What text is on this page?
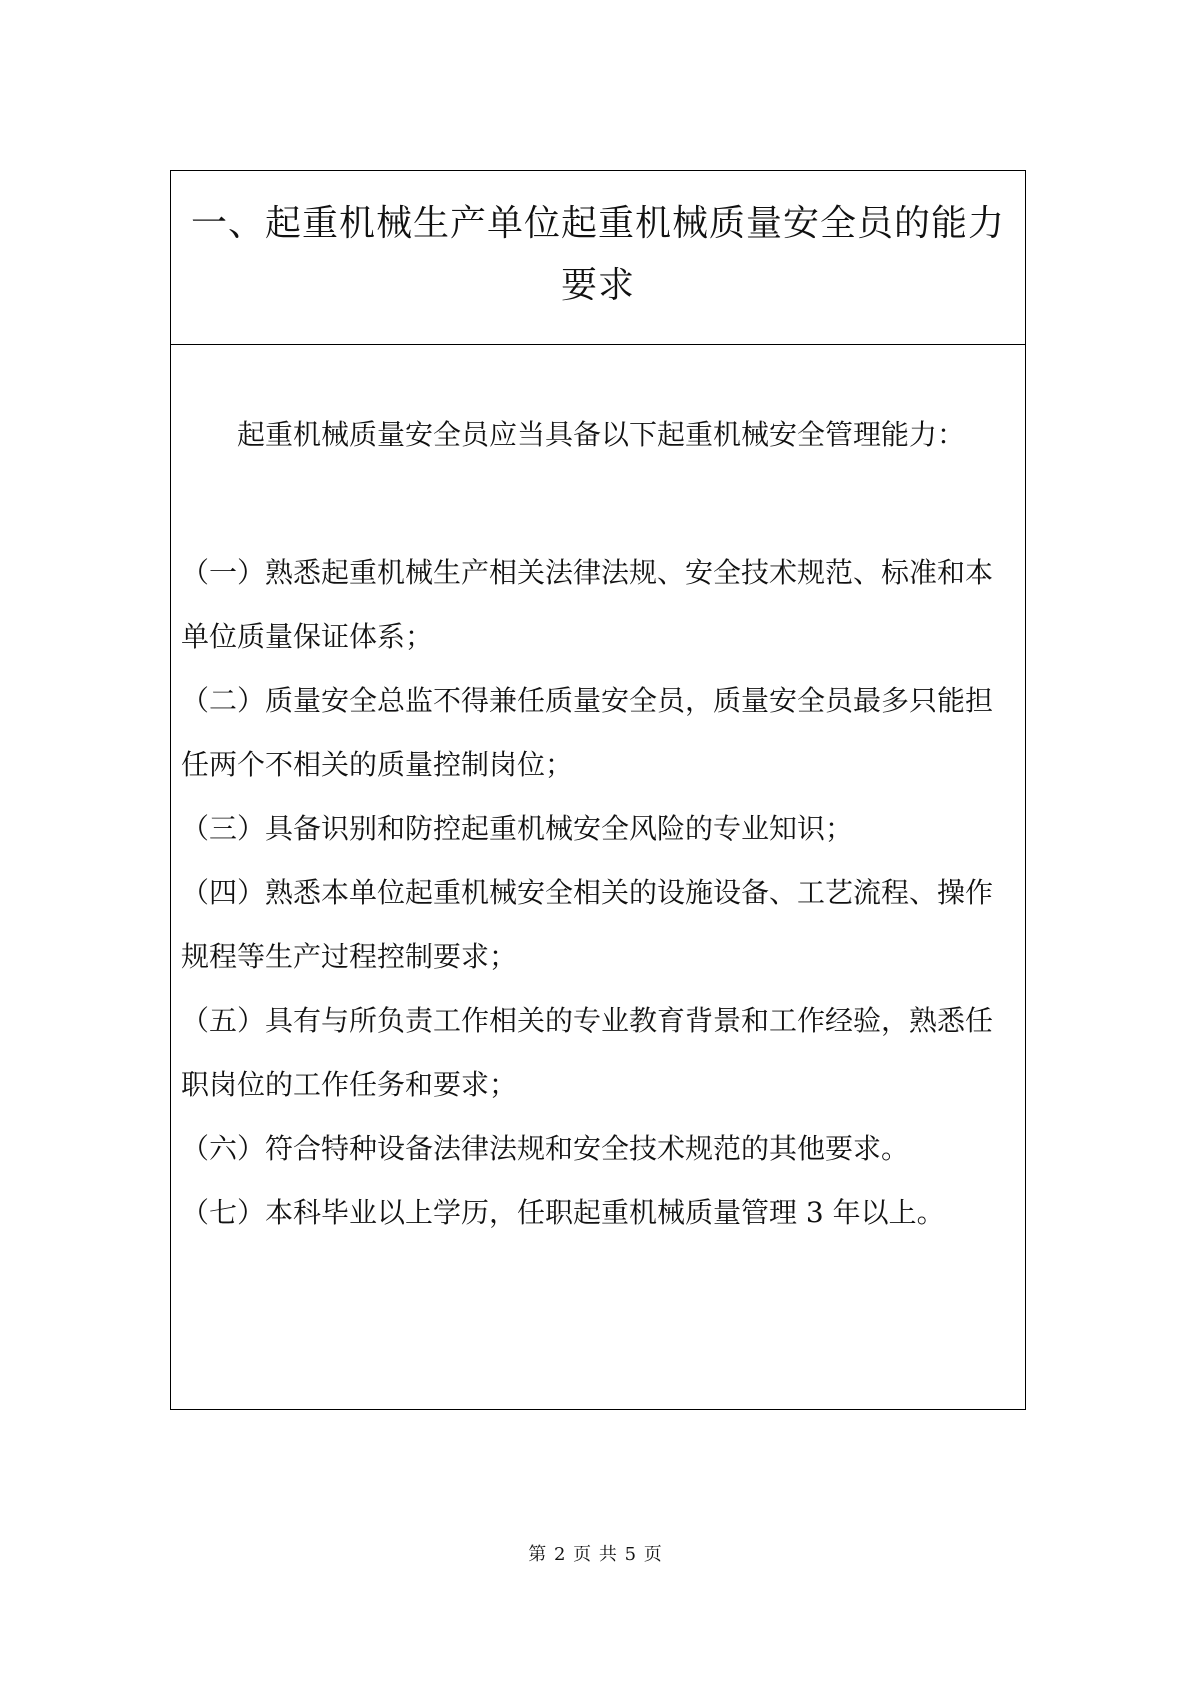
一、起重机械生产单位起重机械质量安全员的能力要求
起重机械质量安全员应当具备以下起重机械安全管理能力：
（一）熟悉起重机械生产相关法律法规、安全技术规范、标准和本单位质量保证体系；
（二）质量安全总监不得兼任质量安全员，质量安全员最多只能担任两个不相关的质量控制岗位；
（三）具备识别和防控起重机械安全风险的专业知识；
（四）熟悉本单位起重机械安全相关的设施设备、工艺流程、操作规程等生产过程控制要求；
（五）具有与所负责工作相关的专业教育背景和工作经验，熟悉任职岗位的工作任务和要求；
（六）符合特种设备法律法规和安全技术规范的其他要求。
（七）本科毕业以上学历，任职起重机械质量管理 3 年以上。
第 2 页 共 5 页
